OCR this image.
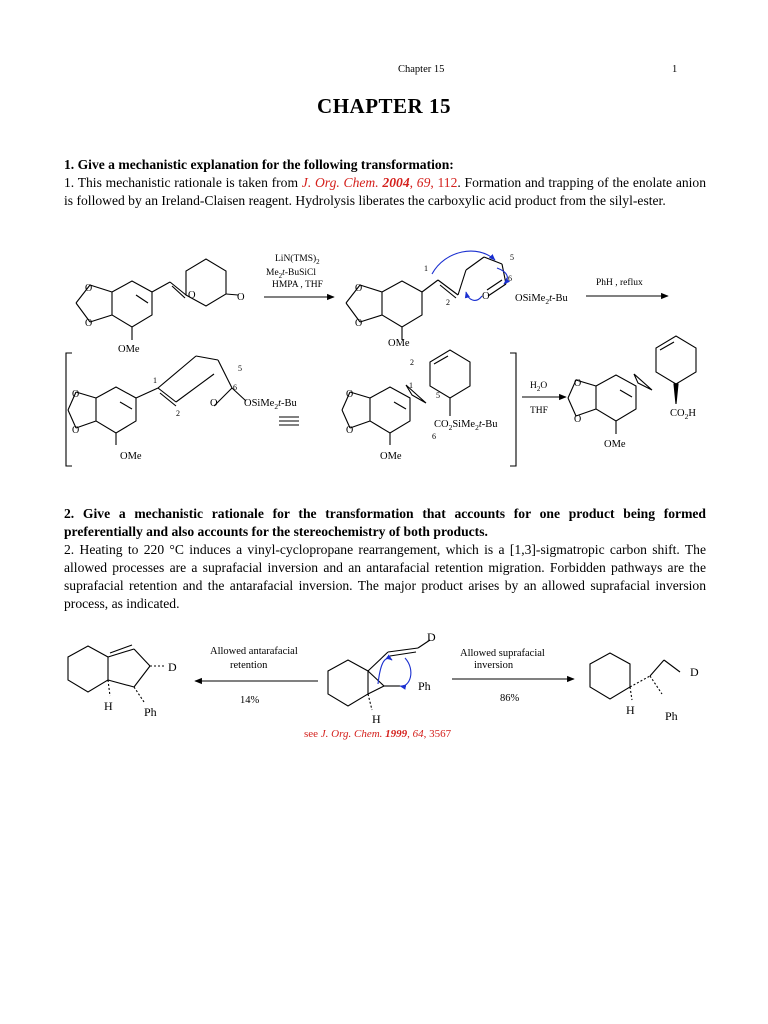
Chapter 15	1
CHAPTER 15
1. Give a mechanistic explanation for the following transformation:
1. This mechanistic rationale is taken from J. Org. Chem. 2004, 69, 112. Formation and trapping of the enolate anion is followed by an Ireland-Claisen reagent. Hydrolysis liberates the carboxylic acid product from the silyl-ester.
$LiN(TMS)_2$
$Me_2t$-BuSiCl
HMPA , THF	PhH , reflux
OMe
O	O
O
O
OMe
O
O
O
OSiMe$_2$t-Bu
1
2
5
6
OMe
O
O
O	OSiMe$_2$t-Bu
1
2
5
6
OMe
O
O
$CO_2SiMe_2t-Bu$
2
1
5
6
$H_2O$
THF
OMe
O
O
$CO_2H$
2. Give a mechanistic rationale for the transformation that accounts for one product being formed preferentially and also accounts for the stereochemistry of both products.
2. Heating to 220 °C induces a vinyl-cyclopropane rearrangement, which is a [1,3]-sigmatropic carbon shift. The allowed processes are a suprafacial inversion and an antarafacial retention migration. Forbidden pathways are the suprafacial retention and the antarafacial inversion. The major product arises by an allowed suprafacial inversion process, as indicated.
Allowed antarafacial
retention
14%
Allowed suprafacial
inversion
86%
D
Ph
H
D
Ph
H
D
Ph
H
see J. Org. Chem. 1999, 64, 3567
